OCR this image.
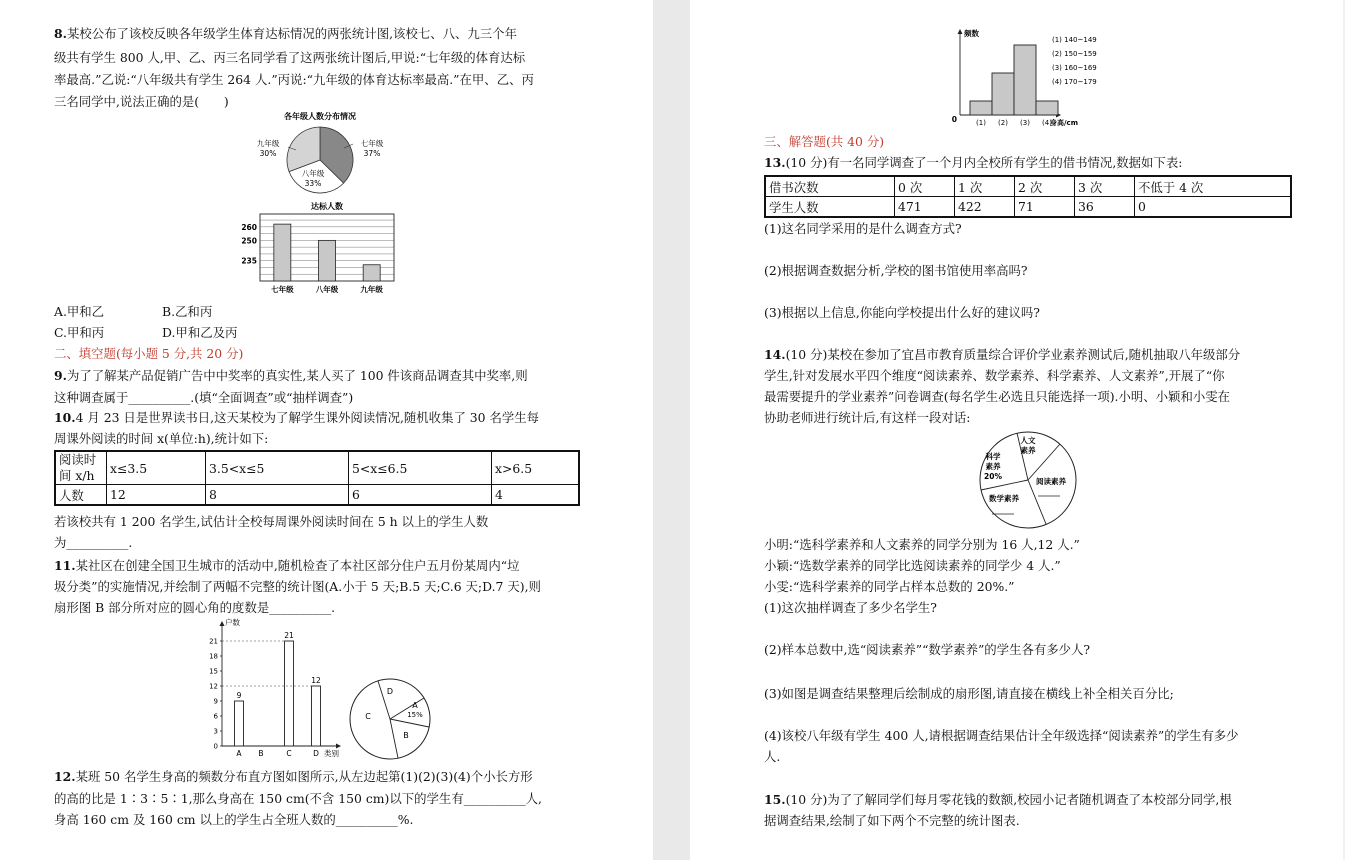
8.某校公布了该校反映各年级学生体育达标情况的两张统计图,该校七、八、九三个年
级共有学生 800 人,甲、乙、丙三名同学看了这两张统计图后,甲说:“七年级的体育达标
率最高.”乙说:“八年级共有学生 264 人.”丙说:“九年级的体育达标率最高.”在甲、乙、丙
三名同学中,说法正确的是(　　)
各年级人数分布情况
七年级
37%
八年级
33%
九年级
30%
达标人数
235
250
260
七年级	八年级	九年级
A.甲和乙	B.乙和丙
C.甲和丙	D.甲和乙及丙
二、填空题(每小题 5 分,共 20 分)
9.为了了解某产品促销广告中中奖率的真实性,某人买了 100 件该商品调查其中奖率,则
这种调查属于__________.(填“全面调查”或“抽样调查”)
10.4 月 23 日是世界读书日,这天某校为了解学生课外阅读情况,随机收集了 30 名学生每
周课外阅读的时间 x(单位:h),统计如下:
阅读时间 x/h	x≤3.5	3.5<x≤5	5<x≤6.5	x>6.5
人数	12	8	6	4
若该校共有 1 200 名学生,试估计全校每周课外阅读时间在 5 h 以上的学生人数
为__________.
11.某社区在创建全国卫生城市的活动中,随机检查了本社区部分住户五月份某周内“垃
圾分类”的实施情况,并绘制了两幅不完整的统计图(A.小于 5 天;B.5 天;C.6 天;D.7 天),则
扇形图 B 部分所对应的圆心角的度数是__________.
户数
类别
0
3
6
9
12
15
18
21
A
9
B	C
21
D
12
D
A
15%
B
C
12.某班 50 名学生身高的频数分布直方图如图所示,从左边起第(1)(2)(3)(4)个小长方形
的高的比是 1∶3∶5∶1,那么身高在 150 cm(不含 150 cm)以下的学生有__________人,
身高 160 cm 及 160 cm 以上的学生占全班人数的__________%.
频数
0	身高/cm
(1) (2) (3) (4)
(1) 140~149
(2) 150~159
(3) 160~169
(4) 170~179
三、解答题(共 40 分)
13.(10 分)有一名同学调查了一个月内全校所有学生的借书情况,数据如下表:
借书次数	0 次	1 次	2 次	3 次	不低于 4 次
学生人数	471	422	71	36	0
(1)这名同学采用的是什么调查方式?
(2)根据调查数据分析,学校的图书馆使用率高吗?
(3)根据以上信息,你能向学校提出什么好的建议吗?
14.(10 分)某校在参加了宜昌市教育质量综合评价学业素养测试后,随机抽取八年级部分
学生,针对发展水平四个维度“阅读素养、数学素养、科学素养、人文素养”,开展了“你
最需要提升的学业素养”问卷调查(每名学生必选且只能选择一项).小明、小颖和小雯在
协助老师进行统计后,有这样一段对话:
人文
素养
科学
素养
20%
阅读素养
数学素养
小明:“选科学素养和人文素养的同学分别为 16 人,12 人.”
小颖:“选数学素养的同学比选阅读素养的同学少 4 人.”
小雯:“选科学素养的同学占样本总数的 20%.”
(1)这次抽样调查了多少名学生?
(2)样本总数中,选“阅读素养”“数学素养”的学生各有多少人?
(3)如图是调查结果整理后绘制成的扇形图,请直接在横线上补全相关百分比;
(4)该校八年级有学生 400 人,请根据调查结果估计全年级选择“阅读素养”的学生有多少
人.
15.(10 分)为了了解同学们每月零花钱的数额,校园小记者随机调查了本校部分同学,根
据调查结果,绘制了如下两个不完整的统计图表.
